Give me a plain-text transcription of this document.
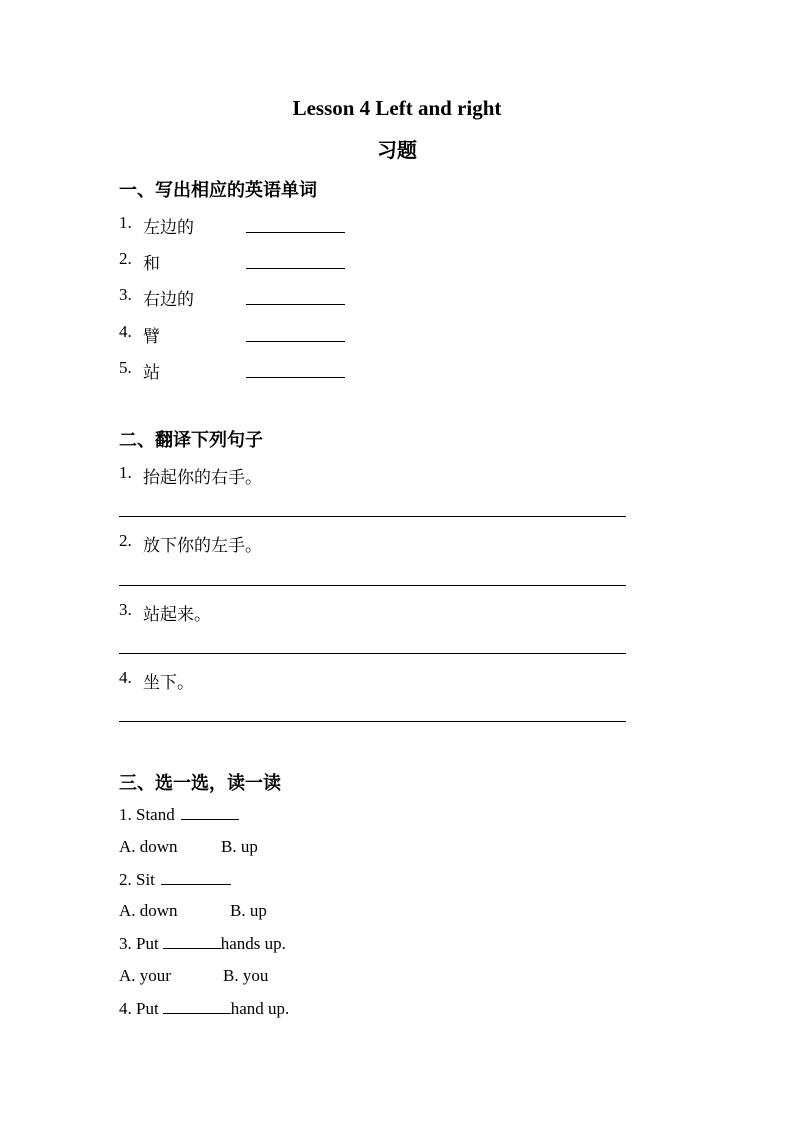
Lesson 4 Left and right
习题
一、写出相应的英语单词
1. 左边的
2. 和
3. 右边的
4. 臂
5. 站
二、翻译下列句子
1. 抬起你的右手。
2. 放下你的左手。
3. 站起来。
4. 坐下。
三、选一选，读一读
1. Stand
A. down	B. up
2. Sit
A. down	B. up
3. Put	hands up.
A. your	B. you
4. Put	hand up.
